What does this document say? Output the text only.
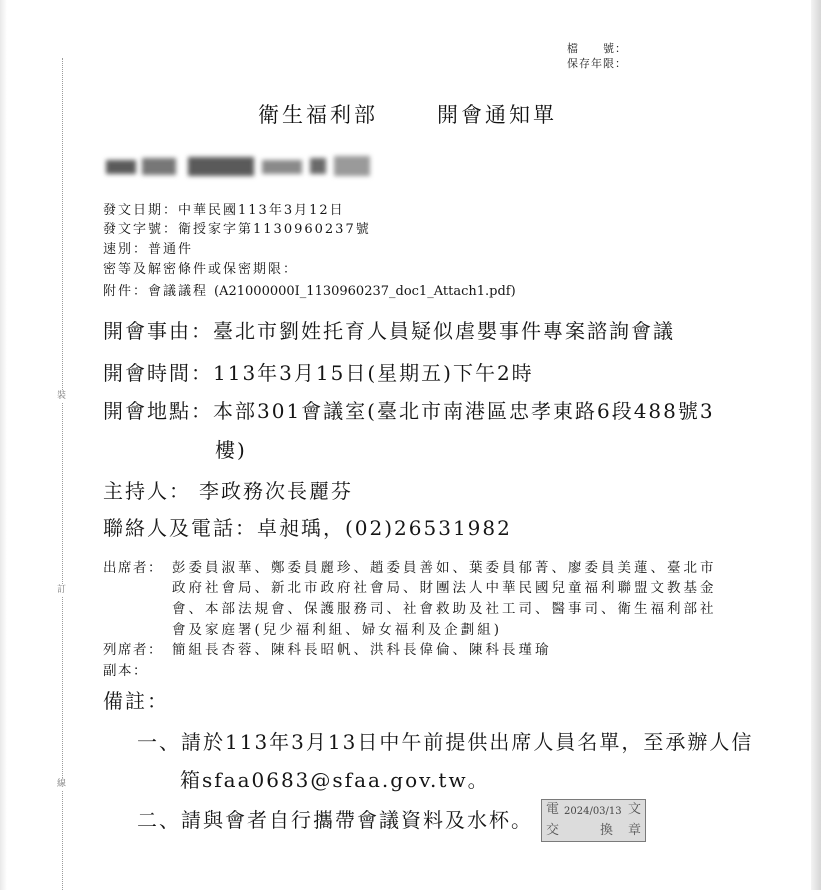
裝
訂
線
檔　　號：
保存年限：
衛生福利部	開會通知單
發文日期：中華民國113年3月12日
發文字號：衛授家字第1130960237號
速別：普通件
密等及解密條件或保密期限：
附件：會議議程 (A21000000I_1130960237_doc1_Attach1.pdf)
開會事由：臺北市劉姓托育人員疑似虐嬰事件專案諮詢會議
開會時間：113年3月15日(星期五)下午2時
開會地點：本部301會議室(臺北市南港區忠孝東路6段488號3
樓)
主持人： 李政務次長麗芬
聯絡人及電話：卓昶瑀，(02)26531982
出席者： 彭委員淑華、鄭委員麗珍、趙委員善如、葉委員郁菁、廖委員美蓮、臺北市
政府社會局、新北市政府社會局、財團法人中華民國兒童福利聯盟文教基金
會、本部法規會、保護服務司、社會救助及社工司、醫事司、衛生福利部社
會及家庭署(兒少福利組、婦女福利及企劃組)
列席者： 簡組長杏蓉、陳科長昭帆、洪科長偉倫、陳科長瑾瑜
副本：
備註：
一、請於113年3月13日中午前提供出席人員名單，至承辦人信
箱sfaa0683@sfaa.gov.tw。
二、請與會者自行攜帶會議資料及水杯。 電	文
交	換 章
2024/03/13
